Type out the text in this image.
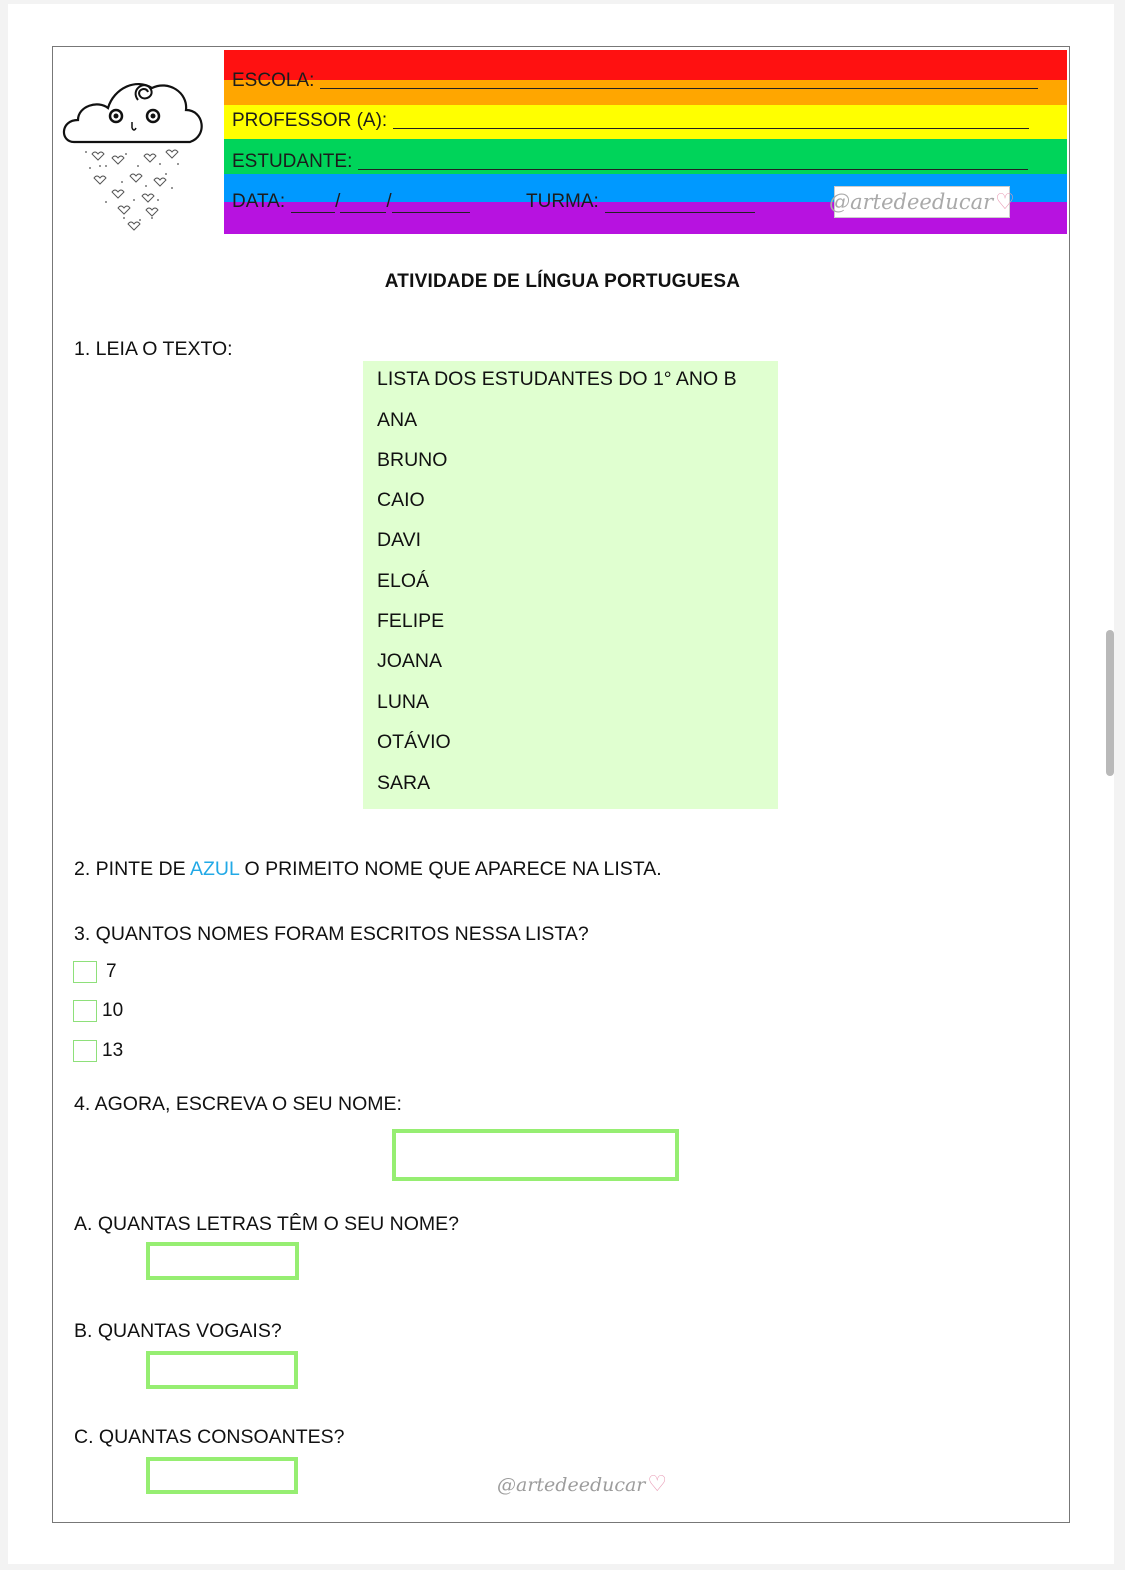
ESCOLA:
PROFESSOR (A):
ESTUDANTE:
DATA:	/ /	TURMA:	@artedeeducar ♡
ATIVIDADE DE LÍNGUA PORTUGUESA
1. LEIA O TEXTO:
LISTA DOS ESTUDANTES DO 1° ANO B
ANA
BRUNO
CAIO
DAVI
ELOÁ
FELIPE
JOANA
LUNA
OTÁVIO
SARA
2. PINTE DE AZUL O PRIMEITO NOME QUE APARECE NA LISTA.
3. QUANTOS NOMES FORAM ESCRITOS NESSA LISTA?
7
10
13
4. AGORA, ESCREVA O SEU NOME:
A. QUANTAS LETRAS TÊM O SEU NOME?
B. QUANTAS VOGAIS?
C. QUANTAS CONSOANTES?
@artedeeducar♡
